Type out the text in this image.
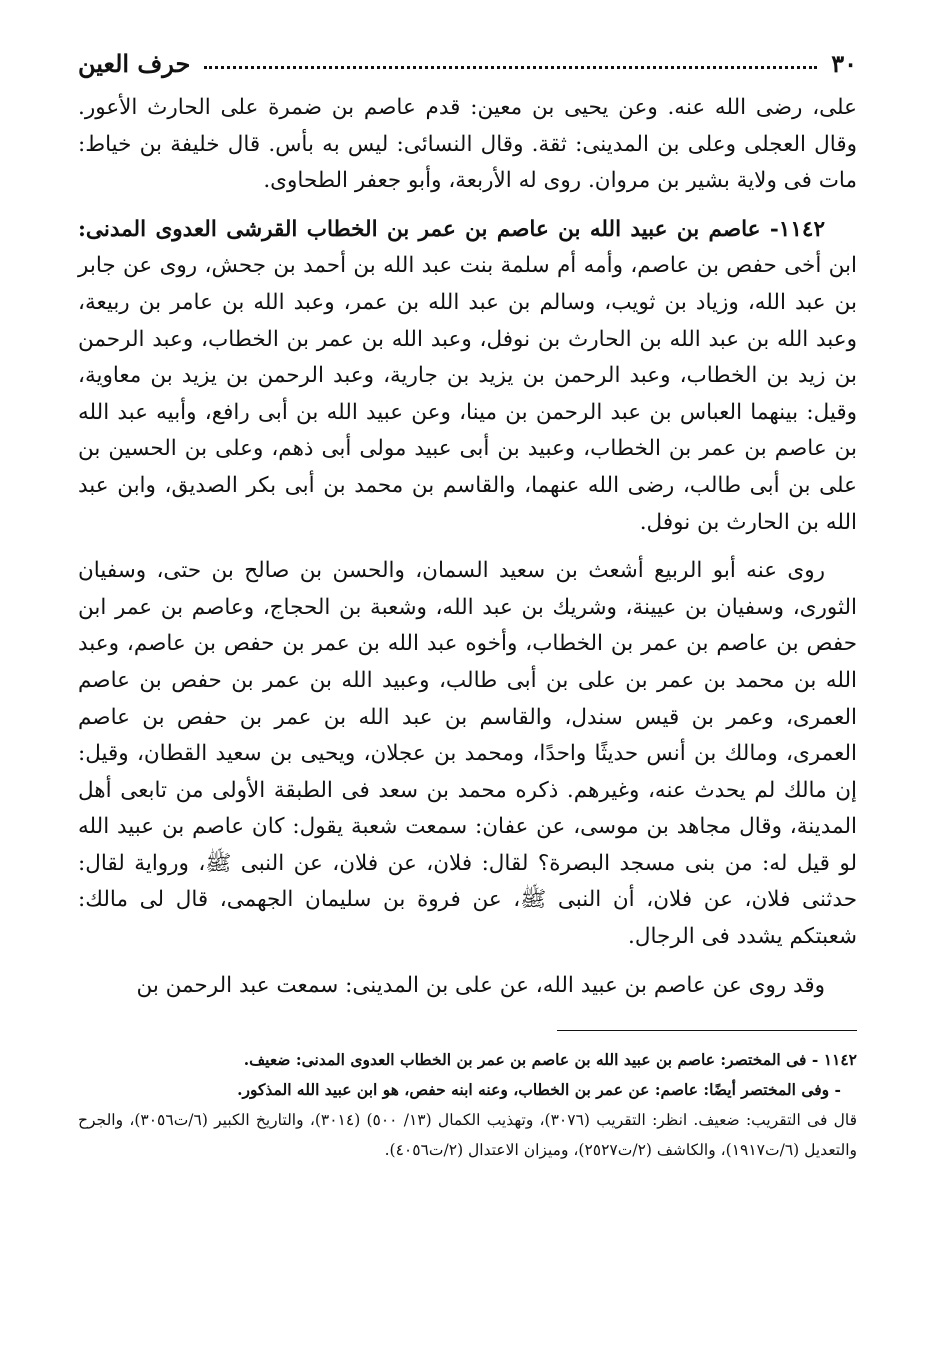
٣٠
حرف العين

على، رضى الله عنه. وعن يحيى بن معين: قدم عاصم بن ضمرة على الحارث الأعور. وقال العجلى وعلى بن المدينى: ثقة. وقال النسائى: ليس به بأس. قال خليفة بن خياط: مات فى ولاية بشير بن مروان. روى له الأربعة، وأبو جعفر الطحاوى.

١١٤٢- عاصم بن عبيد الله بن عاصم بن عمر بن الخطاب القرشى العدوى المدنى: ابن أخى حفص بن عاصم، وأمه أم سلمة بنت عبد الله بن أحمد بن جحش، روى عن جابر بن عبد الله، وزياد بن ثويب، وسالم بن عبد الله بن عمر، وعبد الله بن عامر بن ربيعة، وعبد الله بن عبد الله بن الحارث بن نوفل، وعبد الله بن عمر بن الخطاب، وعبد الرحمن بن زيد بن الخطاب، وعبد الرحمن بن يزيد بن جارية، وعبد الرحمن بن يزيد بن معاوية، وقيل: بينهما العباس بن عبد الرحمن بن مينا، وعن عبيد الله بن أبى رافع، وأبيه عبد الله بن عاصم بن عمر بن الخطاب، وعبيد بن أبى عبيد مولى أبى ذهم، وعلى بن الحسين بن على بن أبى طالب، رضى الله عنهما، والقاسم بن محمد بن أبى بكر الصديق، وابن عبد الله بن الحارث بن نوفل.

روى عنه أبو الربيع أشعث بن سعيد السمان، والحسن بن صالح بن حتى، وسفيان الثورى، وسفيان بن عيينة، وشريك بن عبد الله، وشعبة بن الحجاج، وعاصم بن عمر ابن حفص بن عاصم بن عمر بن الخطاب، وأخوه عبد الله بن عمر بن حفص بن عاصم، وعبد الله بن محمد بن عمر بن على بن أبى طالب، وعبيد الله بن عمر بن حفص بن عاصم العمرى، وعمر بن قيس سندل، والقاسم بن عبد الله بن عمر بن حفص بن عاصم العمرى، ومالك بن أنس حديثًا واحدًا، ومحمد بن عجلان، ويحيى بن سعيد القطان، وقيل: إن مالك لم يحدث عنه، وغيرهم. ذكره محمد بن سعد فى الطبقة الأولى من تابعى أهل المدينة، وقال مجاهد بن موسى، عن عفان: سمعت شعبة يقول: كان عاصم بن عبيد الله لو قيل له: من بنى مسجد البصرة؟ لقال: فلان، عن فلان، عن النبى ﷺ، ورواية لقال: حدثنى فلان، عن فلان، أن النبى ﷺ، عن فروة بن سليمان الجهمى، قال لى مالك: شعبتكم يشدد فى الرجال.

وقد روى عن عاصم بن عبيد الله، عن على بن المدينى: سمعت عبد الرحمن بن

١١٤٢ - فى المختصر: عاصم بن عبيد الله بن عاصم بن عمر بن الخطاب العدوى المدنى: ضعيف.

- وفى المختصر أيضًا: عاصم: عن عمر بن الخطاب، وعنه ابنه حفص، هو ابن عبيد الله المذكور.

قال فى التقريب: ضعيف. انظر: التقريب (٣٠٧٦)، وتهذيب الكمال (١٣/ ٥٠٠) (٣٠١٤)، والتاريخ الكبير (٦/ت٣٠٥٦)، والجرح والتعديل (٦/ت١٩١٧)، والكاشف (٢/ت٢٥٢٧)، وميزان الاعتدال (٢/ت٤٠٥٦).
